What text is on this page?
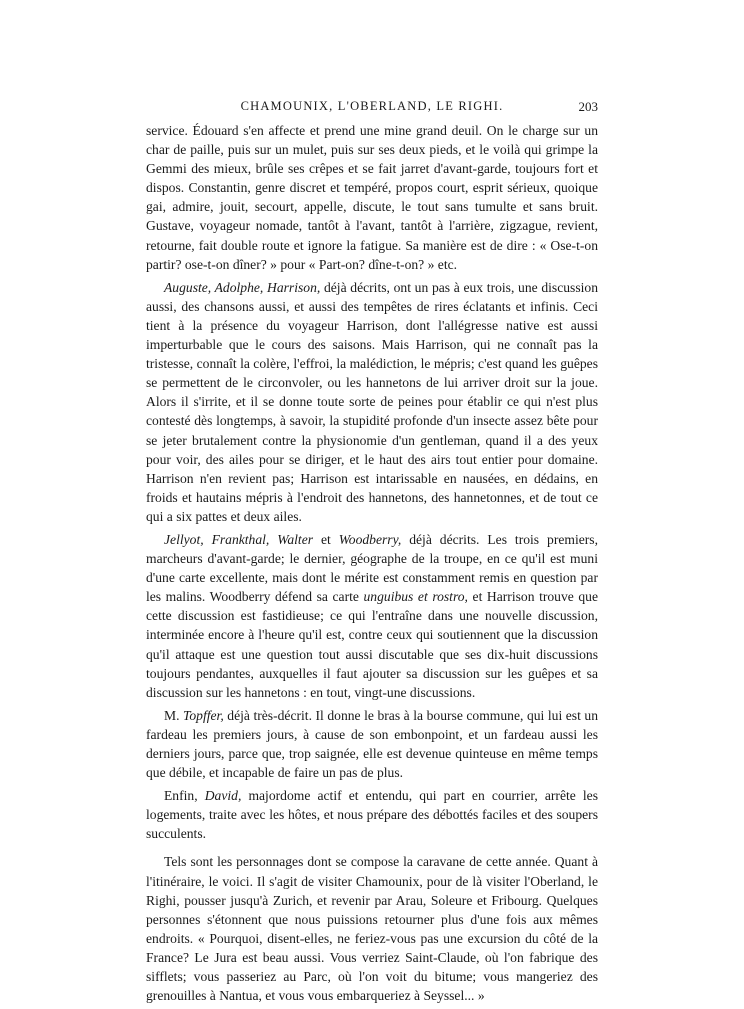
CHAMOUNIX, L'OBERLAND, LE RIGHI.	203

service. Édouard s'en affecte et prend une mine grand deuil. On le charge sur un char de paille, puis sur un mulet, puis sur ses deux pieds, et le voilà qui grimpe la Gemmi des mieux, brûle ses crêpes et se fait jarret d'avant-garde, toujours fort et dispos. Constantin, genre discret et tempéré, propos court, esprit sérieux, quoique gai, admire, jouit, secourt, appelle, discute, le tout sans tumulte et sans bruit. Gustave, voyageur nomade, tantôt à l'avant, tantôt à l'arrière, zigzague, revient, retourne, fait double route et ignore la fatigue. Sa manière est de dire : « Ose-t-on partir? ose-t-on dîner? » pour « Part-on? dîne-t-on? » etc.

Auguste, Adolphe, Harrison, déjà décrits, ont un pas à eux trois, une discussion aussi, des chansons aussi, et aussi des tempêtes de rires éclatants et infinis. Ceci tient à la présence du voyageur Harrison, dont l'allégresse native est aussi imperturbable que le cours des saisons. Mais Harrison, qui ne connaît pas la tristesse, connaît la colère, l'effroi, la malédiction, le mépris; c'est quand les guêpes se permettent de le circonvoler, ou les hannetons de lui arriver droit sur la joue. Alors il s'irrite, et il se donne toute sorte de peines pour établir ce qui n'est plus contesté dès longtemps, à savoir, la stupidité profonde d'un insecte assez bête pour se jeter brutalement contre la physionomie d'un gentleman, quand il a des yeux pour voir, des ailes pour se diriger, et le haut des airs tout entier pour domaine. Harrison n'en revient pas; Harrison est intarissable en nausées, en dédains, en froids et hautains mépris à l'endroit des hannetons, des hannetonnes, et de tout ce qui a six pattes et deux ailes.

Jellyot, Frankthal, Walter et Woodberry, déjà décrits. Les trois premiers, marcheurs d'avant-garde; le dernier, géographe de la troupe, en ce qu'il est muni d'une carte excellente, mais dont le mérite est constamment remis en question par les malins. Woodberry défend sa carte unguibus et rostro, et Harrison trouve que cette discussion est fastidieuse; ce qui l'entraîne dans une nouvelle discussion, interminée encore à l'heure qu'il est, contre ceux qui soutiennent que la discussion qu'il attaque est une question tout aussi discutable que ses dix-huit discussions toujours pendantes, auxquelles il faut ajouter sa discussion sur les guêpes et sa discussion sur les hannetons : en tout, vingt-une discussions.

M. Topffer, déjà très-décrit. Il donne le bras à la bourse commune, qui lui est un fardeau les premiers jours, à cause de son embonpoint, et un fardeau aussi les derniers jours, parce que, trop saignée, elle est devenue quinteuse en même temps que débile, et incapable de faire un pas de plus.

Enfin, David, majordome actif et entendu, qui part en courrier, arrête les logements, traite avec les hôtes, et nous prépare des débottés faciles et des soupers succulents.

Tels sont les personnages dont se compose la caravane de cette année. Quant à l'itinéraire, le voici. Il s'agit de visiter Chamounix, pour de là visiter l'Oberland, le Righi, pousser jusqu'à Zurich, et revenir par Arau, Soleure et Fribourg. Quelques personnes s'étonnent que nous puissions retourner plus d'une fois aux mêmes endroits. « Pourquoi, disent-elles, ne feriez-vous pas une excursion du côté de la France? Le Jura est beau aussi. Vous verriez Saint-Claude, où l'on fabrique des sifflets; vous passeriez au Parc, où l'on voit du bitume; vous mangeriez des grenouilles à Nantua, et vous vous embarqueriez à Seyssel... »
